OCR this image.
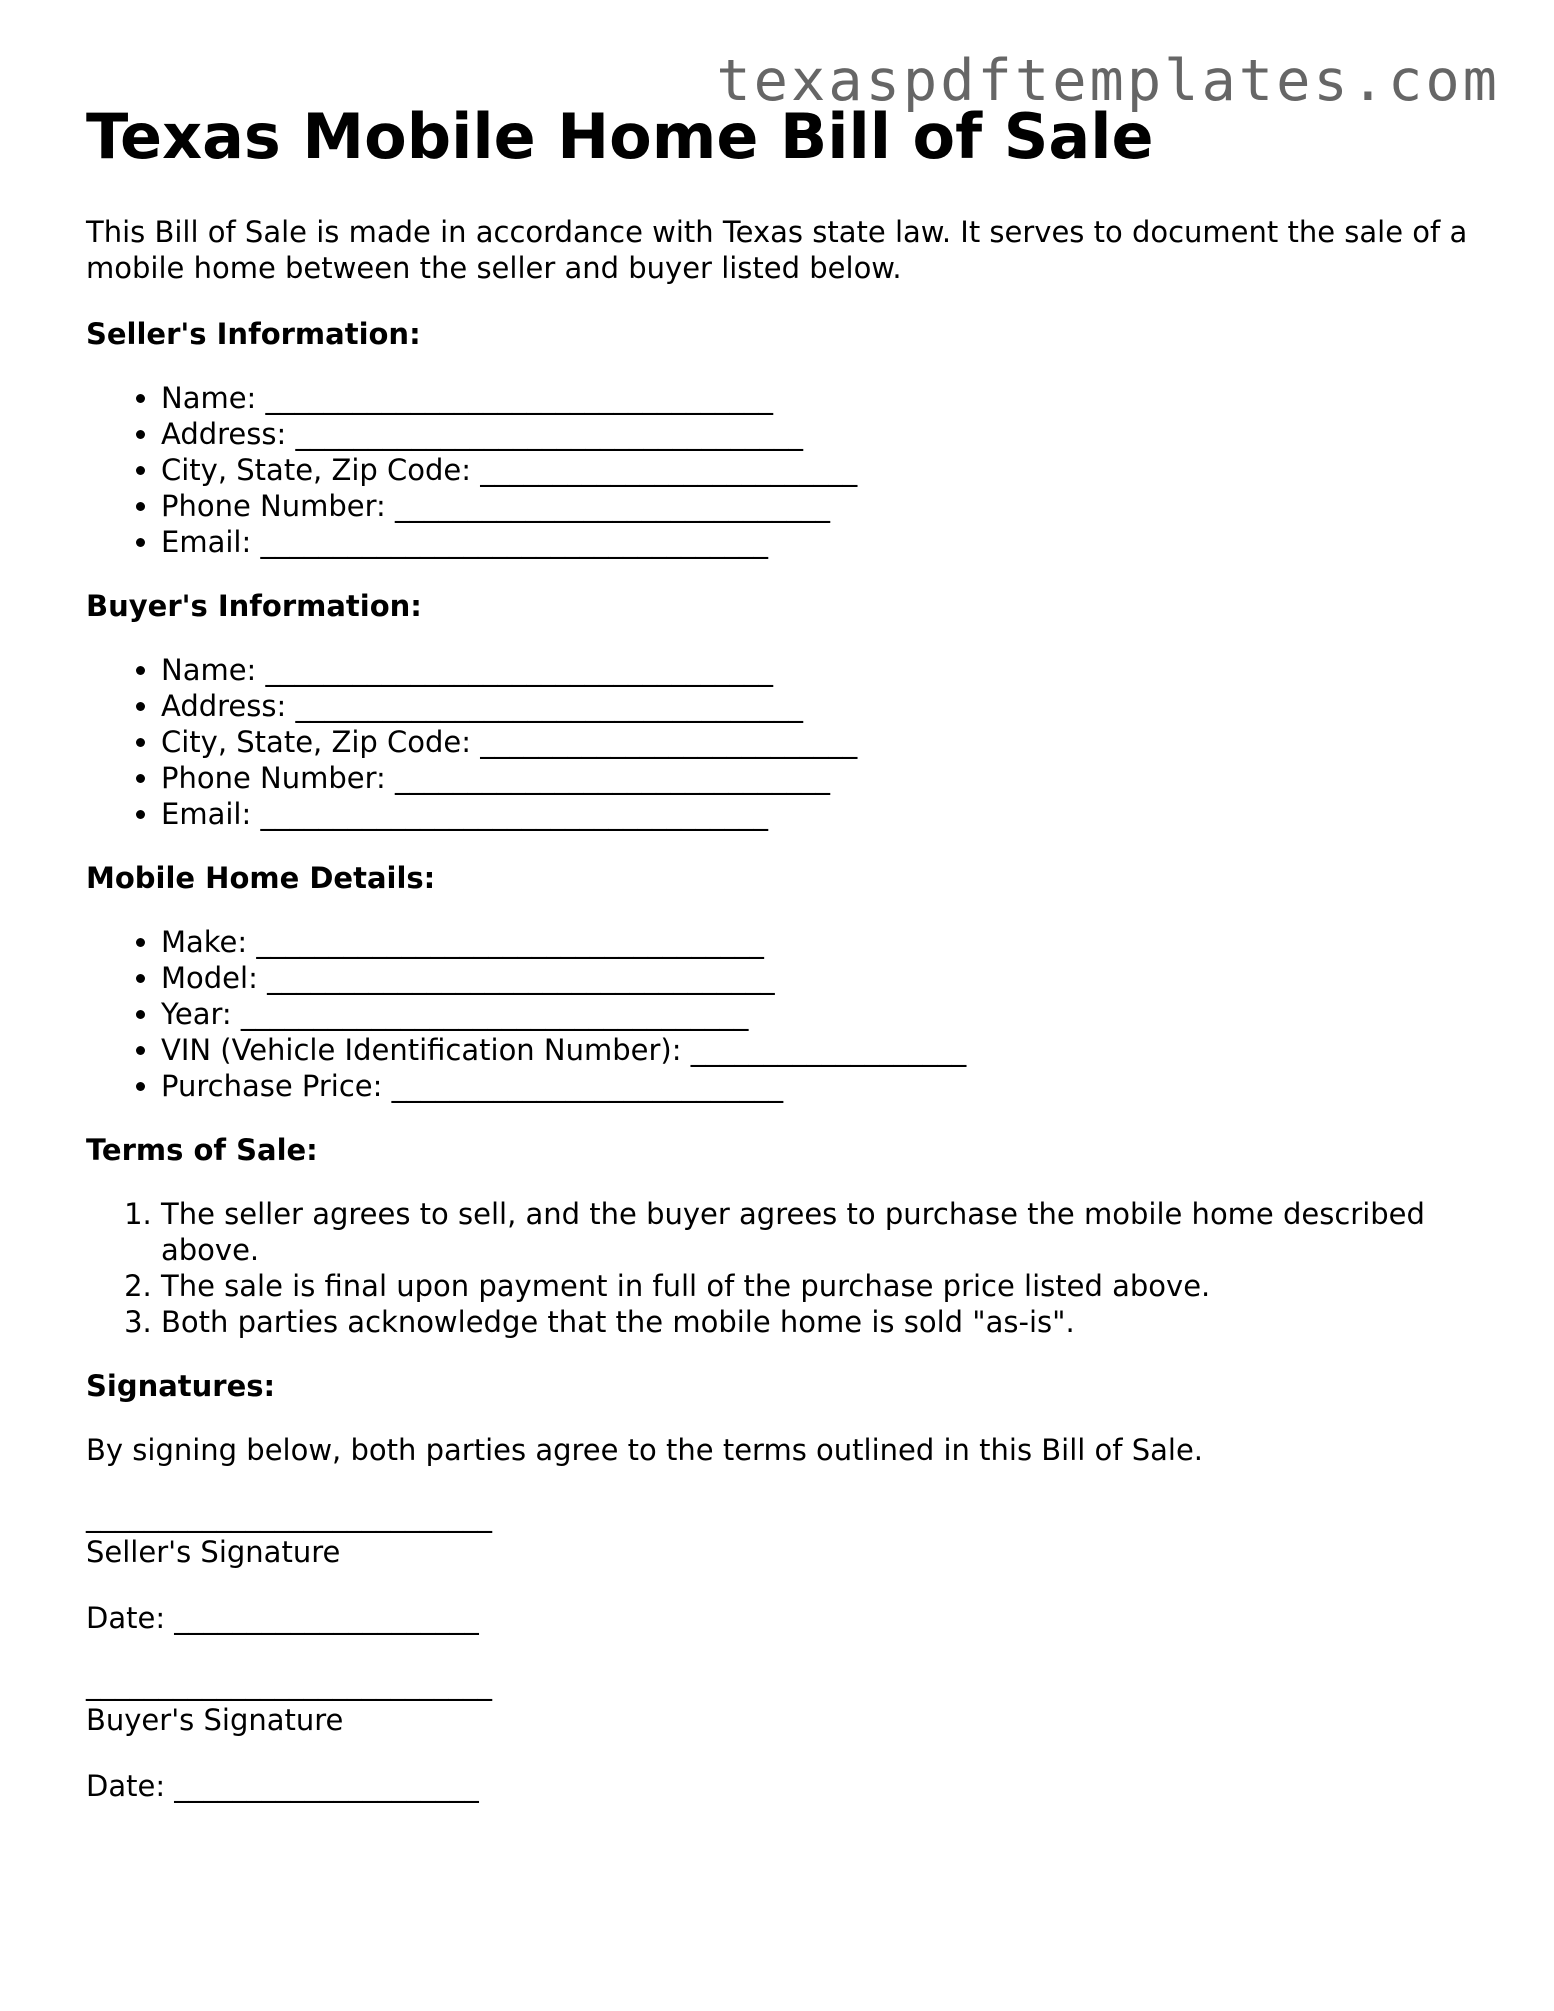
texaspdftemplates.com
Texas Mobile Home Bill of Sale

This Bill of Sale is made in accordance with Texas state law. It serves to document the sale of a mobile home between the seller and buyer listed below.

Seller's Information:
• Name: ___________________________________
• Address: ___________________________________
• City, State, Zip Code: __________________________
• Phone Number: ______________________________
• Email: ___________________________________
Buyer's Information:
• Name: ___________________________________
• Address: ___________________________________
• City, State, Zip Code: __________________________
• Phone Number: ______________________________
• Email: ___________________________________
Mobile Home Details:
• Make: ___________________________________
• Model: ___________________________________
• Year: ___________________________________
• VIN (Vehicle Identification Number): ___________________
• Purchase Price: ___________________________
Terms of Sale:
1. The seller agrees to sell, and the buyer agrees to purchase the mobile home described above.
2. The sale is final upon payment in full of the purchase price listed above.
3. Both parties acknowledge that the mobile home is sold "as-is".
Signatures:

By signing below, both parties agree to the terms outlined in this Bill of Sale.

____________________________
Seller's Signature
Date: _____________________
____________________________
Buyer's Signature
Date: _____________________
